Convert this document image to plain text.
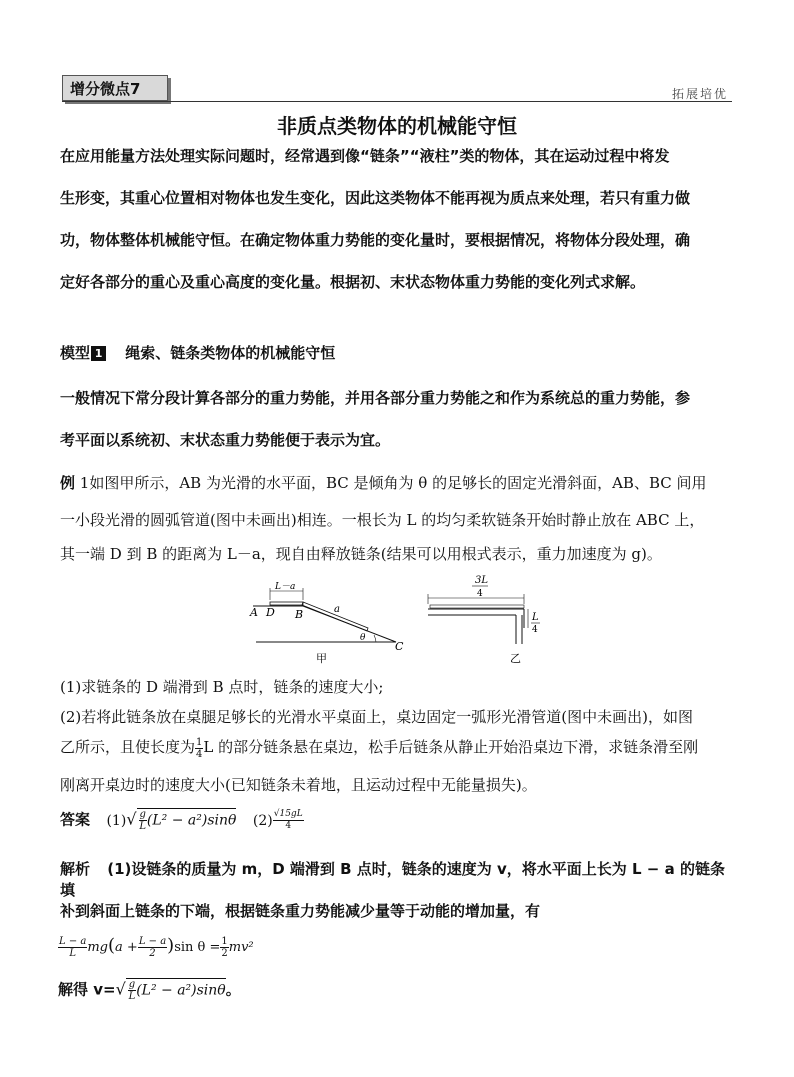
增分微点7	拓展培优
非质点类物体的机械能守恒
在应用能量方法处理实际问题时，经常遇到像“链条”“液柱”类的物体，其在运动过程中将发
生形变，其重心位置相对物体也发生变化，因此这类物体不能再视为质点来处理，若只有重力做
功，物体整体机械能守恒。在确定物体重力势能的变化量时，要根据情况，将物体分段处理，确
定好各部分的重心及重心高度的变化量。根据初、末状态物体重力势能的变化列式求解。
模型 1 绳索、链条类物体的机械能守恒
一般情况下常分段计算各部分的重力势能，并用各部分重力势能之和作为系统总的重力势能，参
考平面以系统初、末状态重力势能便于表示为宜。
例 1如图甲所示，AB 为光滑的水平面，BC 是倾角为 θ 的足够长的固定光滑斜面，AB、BC 间用
一小段光滑的圆弧管道(图中未画出)相连。一根长为 L 的均匀柔软链条开始时静止放在 ABC 上，
其一端 D 到 B 的距离为 L－a，现自由释放链条(结果可以用根式表示，重力加速度为 g)。
L－a
A D B	a
θ
C
甲
3L
4
L
4
乙
(1)求链条的 D 端滑到 B 点时，链条的速度大小;
(2)若将此链条放在桌腿足够长的光滑水平桌面上，桌边固定一弧形光滑管道(图中未画出)，如图
乙所示，且使长度为 $\frac{1}{4}$ L 的部分链条悬在桌边，松手后链条从静止开始沿桌边下滑，求链条滑至刚
刚离开桌边时的速度大小(已知链条未着地，且运动过程中无能量损失)。
答案 $(1)√ \frac{g}{L} (L^2 - a^2)\sin\theta$ $(2) \frac{√15gL}{4}$
解析 (1)设链条的质量为 m，D 端滑到 B 点时，链条的速度为 v，将水平面上长为 L − a 的链条填
补到斜面上链条的下端，根据链条重力势能减少量等于动能的增加量，有
$\frac{L - a}{L} mg(a + \frac{L - a}{2} )\sin$ $\theta = \frac{1}{2} mv^2$
解得 $v=√ \frac{g}{L} (L^2 - a^2)\sin\theta$。
